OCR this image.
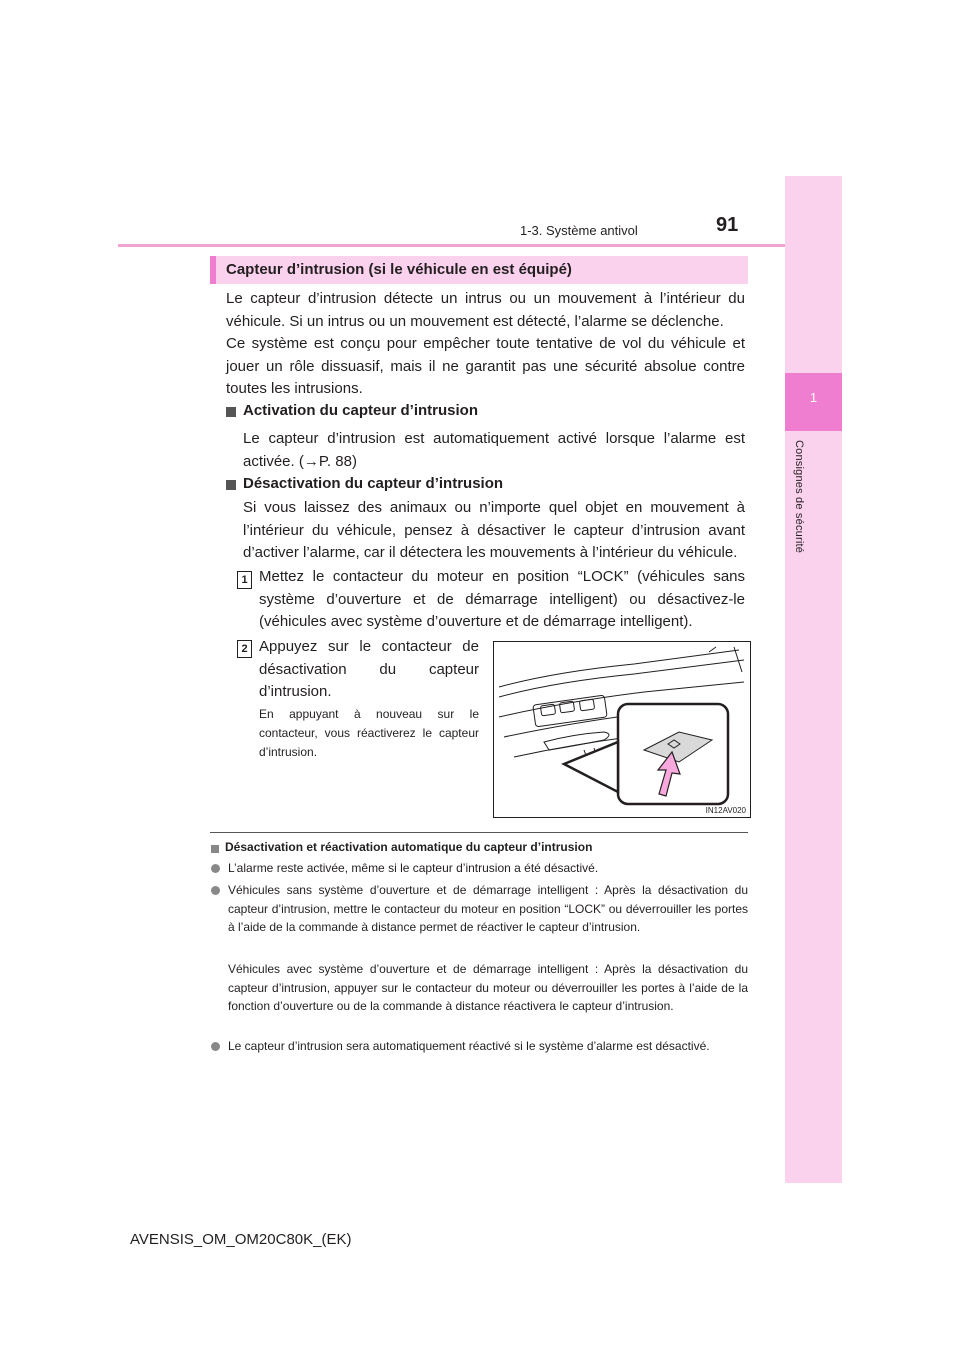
1-3. Système antivol	91
1
Consignes de sécurité
Capteur d’intrusion (si le véhicule en est équipé)
Le capteur d’intrusion détecte un intrus ou un mouvement à l’intérieur du véhicule. Si un intrus ou un mouvement est détecté, l’alarme se déclenche.
Ce système est conçu pour empêcher toute tentative de vol du véhicule et jouer un rôle dissuasif, mais il ne garantit pas une sécurité absolue contre toutes les intrusions.
Activation du capteur d’intrusion
Le capteur d’intrusion est automatiquement activé lorsque l’alarme est activée. (→P. 88)
Désactivation du capteur d’intrusion
Si vous laissez des animaux ou n’importe quel objet en mouvement à l’intérieur du véhicule, pensez à désactiver le capteur d’intrusion avant d’activer l’alarme, car il détectera les mouvements à l’intérieur du véhicule.
1 Mettez le contacteur du moteur en position “LOCK” (véhicules sans système d’ouverture et de démarrage intelligent) ou désactivez-le (véhicules avec système d’ouverture et de démarrage intelligent).
2 Appuyez sur le contacteur de désactivation du capteur d’intrusion.
En appuyant à nouveau sur le contacteur, vous réactiverez le capteur d’intrusion.
IN12AV020
Désactivation et réactivation automatique du capteur d’intrusion
L’alarme reste activée, même si le capteur d’intrusion a été désactivé.
Véhicules sans système d’ouverture et de démarrage intelligent : Après la désactivation du capteur d’intrusion, mettre le contacteur du moteur en position “LOCK” ou déverrouiller les portes à l’aide de la commande à distance permet de réactiver le capteur d’intrusion.
Véhicules avec système d’ouverture et de démarrage intelligent : Après la désactivation du capteur d’intrusion, appuyer sur le contacteur du moteur ou déverrouiller les portes à l’aide de la fonction d’ouverture ou de la commande à distance réactivera le capteur d’intrusion.
Le capteur d’intrusion sera automatiquement réactivé si le système d’alarme est désactivé.
AVENSIS_OM_OM20C80K_(EK)
